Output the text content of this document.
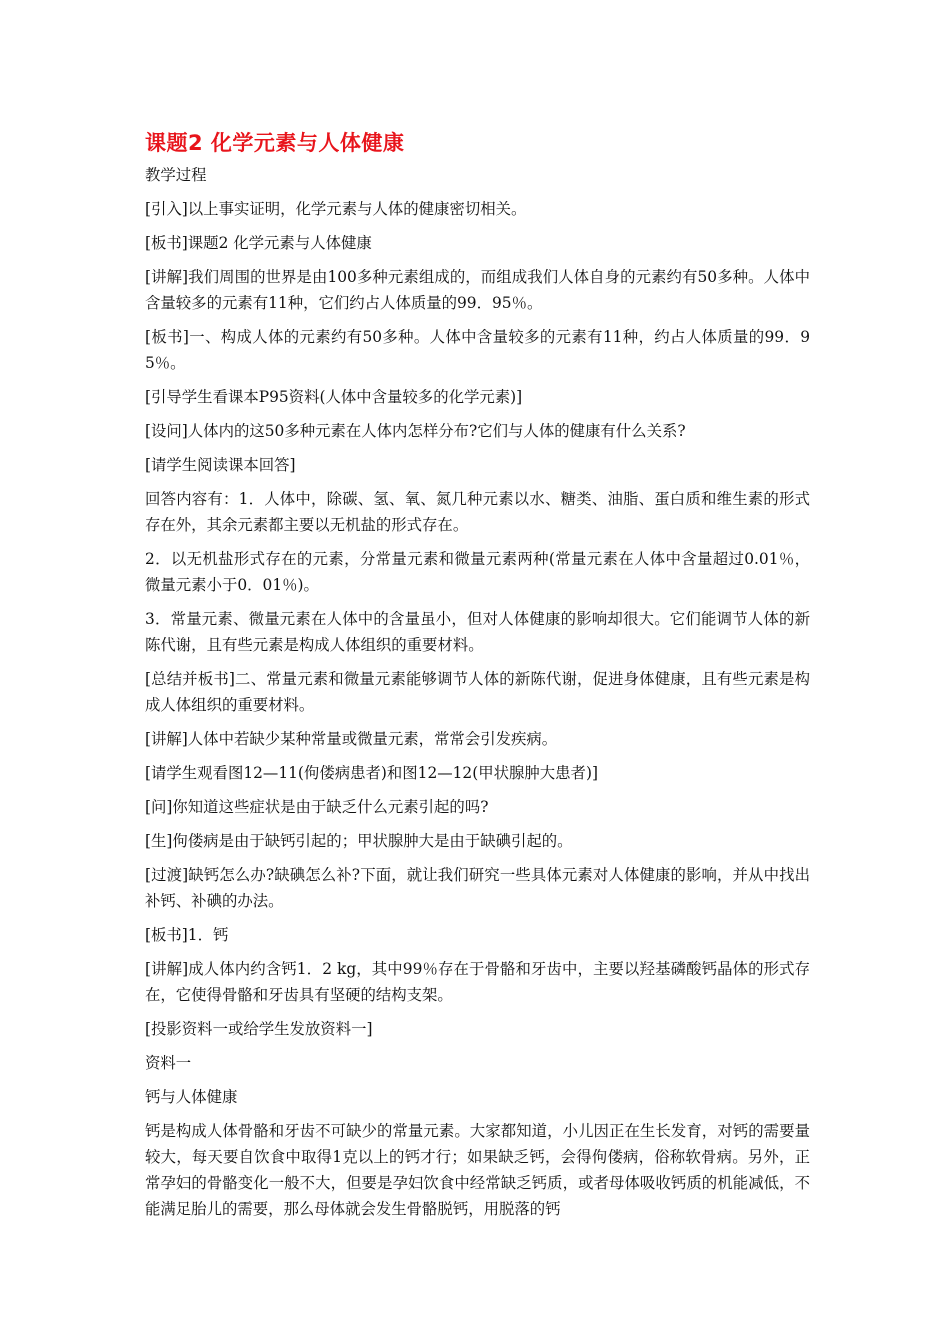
课题2 化学元素与人体健康

教学过程

[引入]以上事实证明，化学元素与人体的健康密切相关。

[板书]课题2 化学元素与人体健康

[讲解]我们周围的世界是由100多种元素组成的，而组成我们人体自身的元素约有50多种。人体中含量较多的元素有11种，它们约占人体质量的99．95％。

[板书]一、构成人体的元素约有50多种。人体中含量较多的元素有11种，约占人体质量的99．95％。

[引导学生看课本P95资料(人体中含量较多的化学元素)]

[设问]人体内的这50多种元素在人体内怎样分布?它们与人体的健康有什么关系?

[请学生阅读课本回答]

回答内容有：1．人体中，除碳、氢、氧、氮几种元素以水、糖类、油脂、蛋白质和维生素的形式存在外，其余元素都主要以无机盐的形式存在。

2．以无机盐形式存在的元素，分常量元素和微量元素两种(常量元素在人体中含量超过0.01％，微量元素小于0．01％)。

3．常量元素、微量元素在人体中的含量虽小，但对人体健康的影响却很大。它们能调节人体的新陈代谢，且有些元素是构成人体组织的重要材料。

[总结并板书]二、常量元素和微量元素能够调节人体的新陈代谢，促进身体健康，且有些元素是构成人体组织的重要材料。

[讲解]人体中若缺少某种常量或微量元素，常常会引发疾病。

[请学生观看图12—11(佝偻病患者)和图12—12(甲状腺肿大患者)]

[问]你知道这些症状是由于缺乏什么元素引起的吗?

[生]佝偻病是由于缺钙引起的；甲状腺肿大是由于缺碘引起的。

[过渡]缺钙怎么办?缺碘怎么补?下面，就让我们研究一些具体元素对人体健康的影响，并从中找出补钙、补碘的办法。

[板书]1．钙

[讲解]成人体内约含钙1．2 kg，其中99％存在于骨骼和牙齿中，主要以羟基磷酸钙晶体的形式存在，它使得骨骼和牙齿具有坚硬的结构支架。

[投影资料一或给学生发放资料一]

资料一

钙与人体健康

钙是构成人体骨骼和牙齿不可缺少的常量元素。大家都知道，小儿因正在生长发育，对钙的需要量较大，每天要自饮食中取得1克以上的钙才行；如果缺乏钙，会得佝偻病，俗称软骨病。另外，正常孕妇的骨骼变化一般不大，但要是孕妇饮食中经常缺乏钙质，或者母体吸收钙质的机能减低，不能满足胎儿的需要，那么母体就会发生骨骼脱钙，用脱落的钙
